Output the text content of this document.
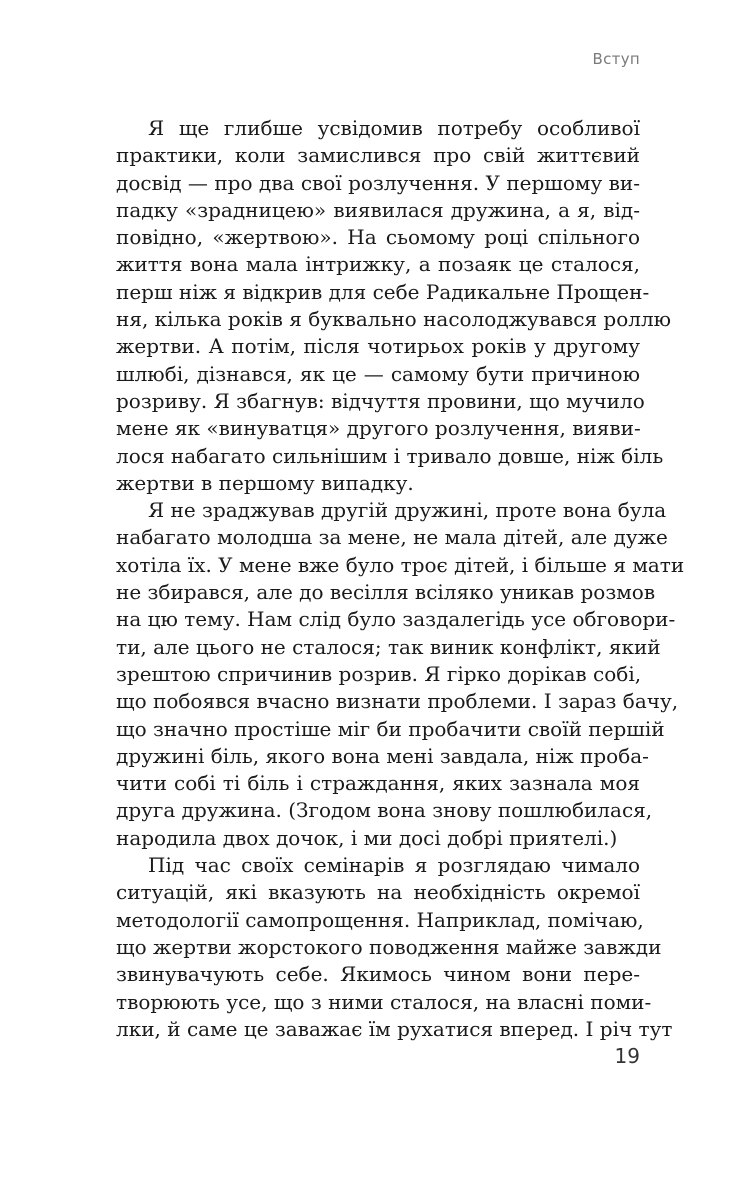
Вступ
Я ще глибше усвідомив потребу особливої
практики, коли замислився про свій життєвий
досвід — про два свої розлучення. У першому ви-
падку «зрадницею» виявилася дружина, а я, від-
повідно, «жертвою». На сьомому році спільного
життя вона мала інтрижку, а позаяк це сталося,
перш ніж я відкрив для себе Радикальне Прощен-
ня, кілька років я буквально насолоджувався роллю
жертви. А потім, після чотирьох років у другому
шлюбі, дізнався, як це — самому бути причиною
розриву. Я збагнув: відчуття провини, що мучило
мене як «винуватця» другого розлучення, вияви-
лося набагато сильнішим і тривало довше, ніж біль
жертви в першому випадку.
Я не зраджував другій дружині, проте вона була
набагато молодша за мене, не мала дітей, але дуже
хотіла їх. У мене вже було троє дітей, і більше я мати
не збирався, але до весілля всіляко уникав розмов
на цю тему. Нам слід було заздалегідь усе обговори-
ти, але цього не сталося; так виник конфлікт, який
зрештою спричинив розрив. Я гірко дорікав собі,
що побоявся вчасно визнати проблеми. І зараз бачу,
що значно простіше міг би пробачити своїй першій
дружині біль, якого вона мені завдала, ніж проба-
чити собі ті біль і страждання, яких зазнала моя
друга дружина. (Згодом вона знову пошлюбилася,
народила двох дочок, і ми досі добрі приятелі.)
Під час своїх семінарів я розглядаю чимало
ситуацій, які вказують на необхідність окремої
методології самопрощення. Наприклад, помічаю,
що жертви жорстокого поводження майже завжди
звинувачують себе. Якимось чином вони пере-
творюють усе, що з ними сталося, на власні поми-
лки, й саме це заважає їм рухатися вперед. І річ тут
19
